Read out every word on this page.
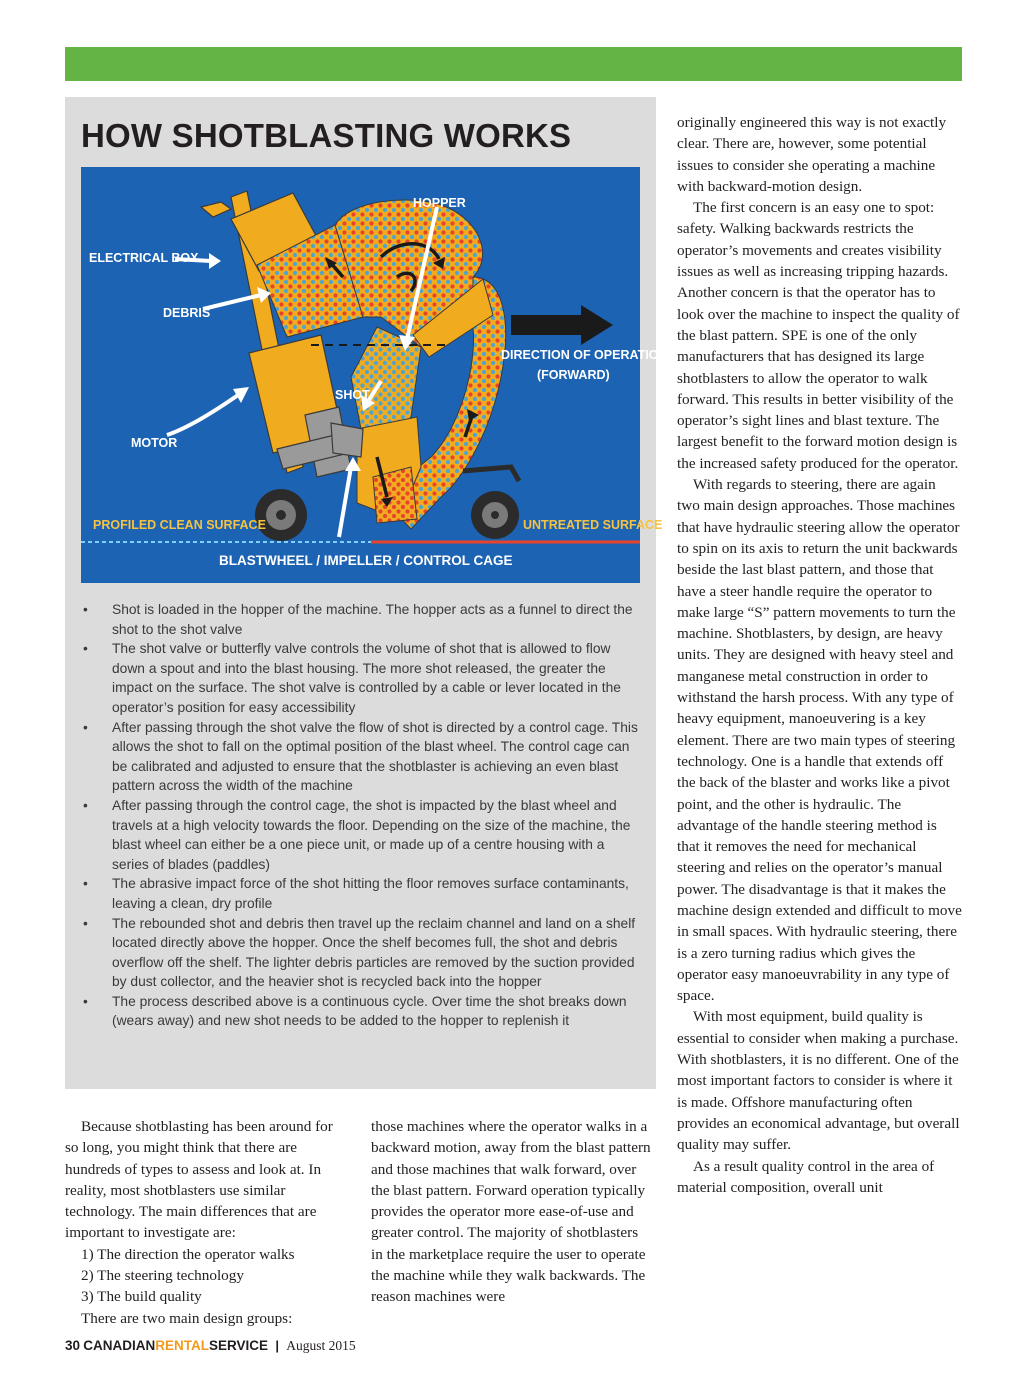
HOW SHOTBLASTING WORKS
HOPPER
ELECTRICAL BOX
DEBRIS
DIRECTION OF OPERATION
(FORWARD)
SHOT
MOTOR
PROFILED CLEAN SURFACE	UNTREATED SURFACE
BLASTWHEEL / IMPELLER / CONTROL CAGE
• Shot is loaded in the hopper of the machine. The hopper acts as a funnel to direct the shot to the shot valve
• The shot valve or butterfly valve controls the volume of shot that is allowed to flow down a spout and into the blast housing. The more shot released, the greater the impact on the surface. The shot valve is controlled by a cable or lever located in the operator’s position for easy accessibility
• After passing through the shot valve the flow of shot is directed by a control cage. This allows the shot to fall on the optimal position of the blast wheel. The control cage can be calibrated and adjusted to ensure that the shotblaster is achieving an even blast pattern across the width of the machine
• After passing through the control cage, the shot is impacted by the blast wheel and travels at a high velocity towards the floor. Depending on the size of the machine, the blast wheel can either be a one piece unit, or made up of a centre housing with a series of blades (paddles)
• The abrasive impact force of the shot hitting the floor removes surface contaminants, leaving a clean, dry profile
• The rebounded shot and debris then travel up the reclaim channel and land on a shelf located directly above the hopper. Once the shelf becomes full, the shot and debris overflow off the shelf. The lighter debris particles are removed by the suction provided by dust collector, and the heavier shot is recycled back into the hopper
• The process described above is a continuous cycle. Over time the shot breaks down (wears away) and new shot needs to be added to the hopper to replenish it

Because shotblasting has been around for so long, you might think that there are hundreds of types to assess and look at. In reality, most shotblasters use similar technology. The main differences that are important to investigate are:

1) The direction the operator walks
2) The steering technology
3) The build quality

There are two main design groups:

those machines where the operator walks in a backward motion, away from the blast pattern and those machines that walk forward, over the blast pattern. Forward operation typically provides the operator more ease-of-use and greater control. The majority of shotblasters in the marketplace require the user to operate the machine while they walk backwards. The reason machines were

originally engineered this way is not exactly clear. There are, however, some potential issues to consider she operating a machine with backward-motion design.

The first concern is an easy one to spot: safety. Walking backwards restricts the operator’s movements and creates visibility issues as well as increasing tripping hazards. Another concern is that the operator has to look over the machine to inspect the quality of the blast pattern. SPE is one of the only manufacturers that has designed its large shotblasters to allow the operator to walk forward. This results in better visibility of the operator’s sight lines and blast texture. The largest benefit to the forward motion design is the increased safety produced for the operator.

With regards to steering, there are again two main design approaches. Those machines that have hydraulic steering allow the operator to spin on its axis to return the unit backwards beside the last blast pattern, and those that have a steer handle require the operator to make large “S” pattern movements to turn the machine. Shotblasters, by design, are heavy units. They are designed with heavy steel and manganese metal construction in order to withstand the harsh process. With any type of heavy equipment, manoeuvering is a key element. There are two main types of steering technology. One is a handle that extends off the back of the blaster and works like a pivot point, and the other is hydraulic. The advantage of the handle steering method is that it removes the need for mechanical steering and relies on the operator’s manual power. The disadvantage is that it makes the machine design extended and difficult to move in small spaces. With hydraulic steering, there is a zero turning radius which gives the operator easy manoeuvrability in any type of space.

With most equipment, build quality is essential to consider when making a purchase. With shotblasters, it is no different. One of the most important factors to consider is where it is made. Offshore manufacturing often provides an economical advantage, but overall quality may suffer.

As a result quality control in the area of material composition, overall unit

30 CANADIANRENTALSERVICE | August 2015
